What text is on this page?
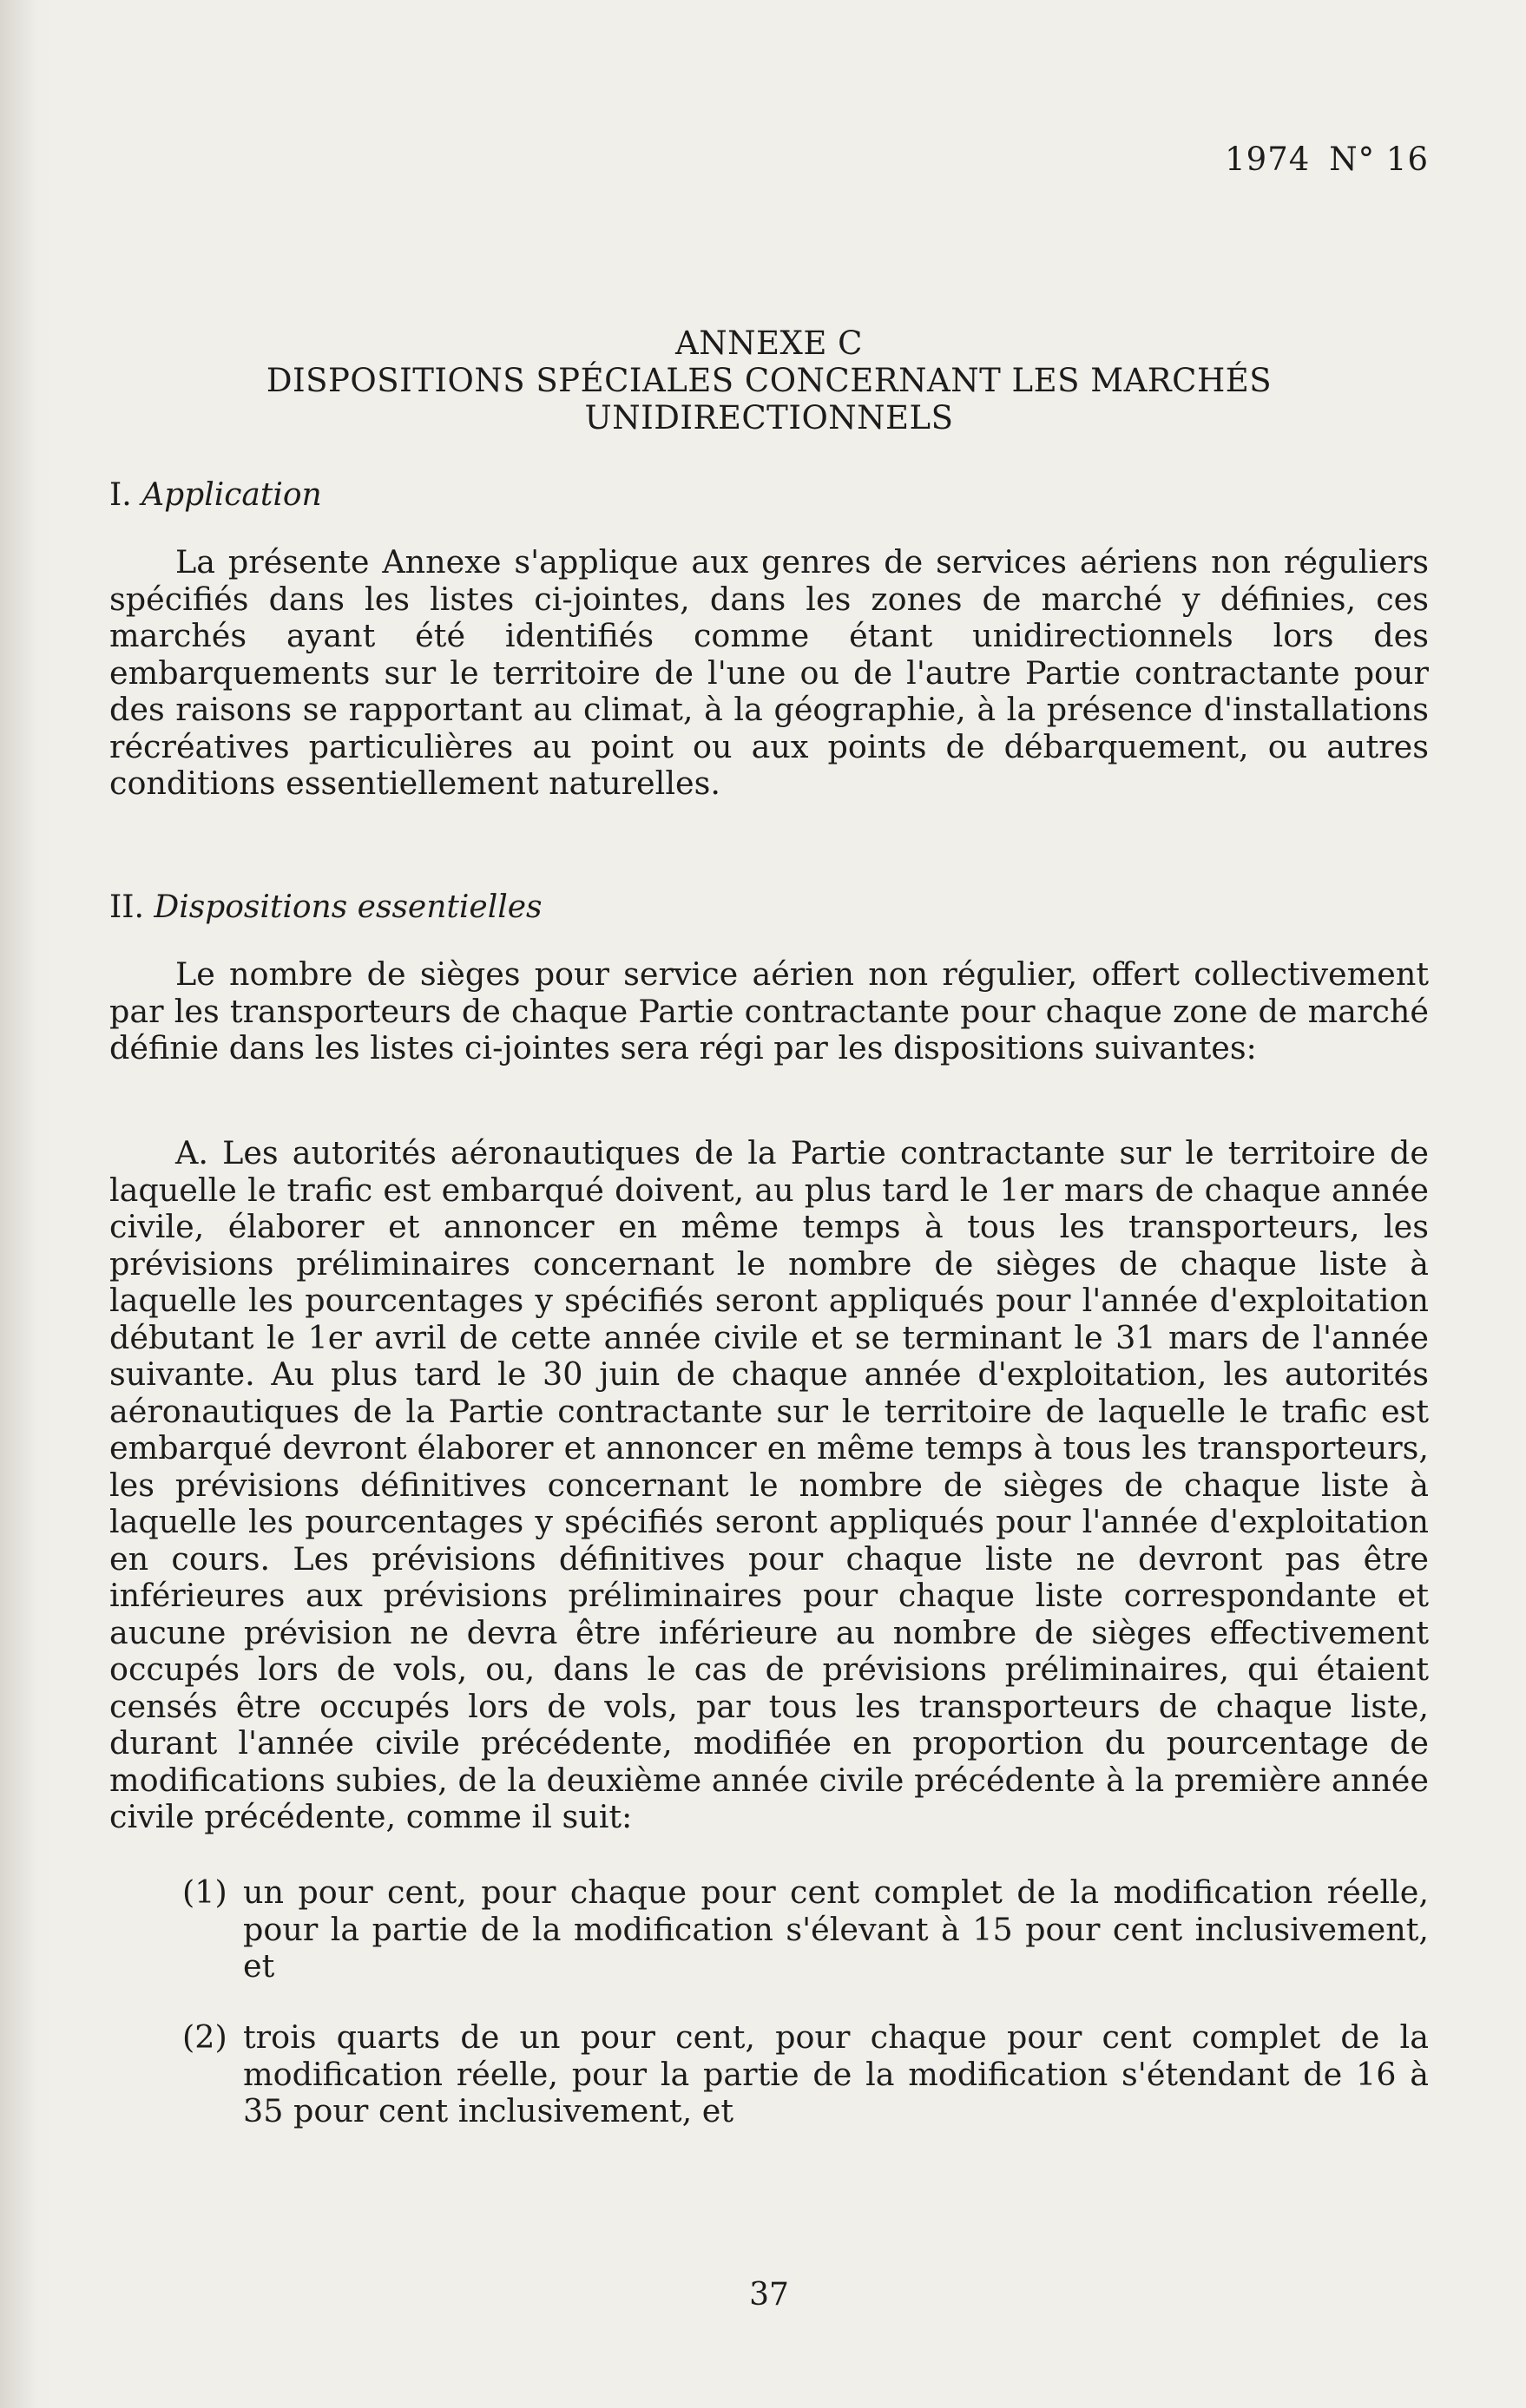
1974 N° 16
ANNEXE C
DISPOSITIONS SPÉCIALES CONCERNANT LES MARCHÉS
UNIDIRECTIONNELS
I. Application

La présente Annexe s'applique aux genres de services aériens non réguliers spécifiés dans les listes ci-jointes, dans les zones de marché y définies, ces marchés ayant été identifiés comme étant unidirectionnels lors des embarquements sur le territoire de l'une ou de l'autre Partie contractante pour des raisons se rapportant au climat, à la géographie, à la présence d'installations récréatives particulières au point ou aux points de débarquement, ou autres conditions essentiellement naturelles.

II. Dispositions essentielles

Le nombre de sièges pour service aérien non régulier, offert collectivement par les transporteurs de chaque Partie contractante pour chaque zone de marché définie dans les listes ci-jointes sera régi par les dispositions suivantes:

A. Les autorités aéronautiques de la Partie contractante sur le territoire de laquelle le trafic est embarqué doivent, au plus tard le 1er mars de chaque année civile, élaborer et annoncer en même temps à tous les transporteurs, les prévisions préliminaires concernant le nombre de sièges de chaque liste à laquelle les pourcentages y spécifiés seront appliqués pour l'année d'exploitation débutant le 1er avril de cette année civile et se terminant le 31 mars de l'année suivante. Au plus tard le 30 juin de chaque année d'exploitation, les autorités aéronautiques de la Partie contractante sur le territoire de laquelle le trafic est embarqué devront élaborer et annoncer en même temps à tous les transporteurs, les prévisions définitives concernant le nombre de sièges de chaque liste à laquelle les pourcentages y spécifiés seront appliqués pour l'année d'exploitation en cours. Les prévisions définitives pour chaque liste ne devront pas être inférieures aux prévisions préliminaires pour chaque liste correspondante et aucune prévision ne devra être inférieure au nombre de sièges effectivement occupés lors de vols, ou, dans le cas de prévisions préliminaires, qui étaient censés être occupés lors de vols, par tous les transporteurs de chaque liste, durant l'année civile précédente, modifiée en proportion du pourcentage de modifications subies, de la deuxième année civile précédente à la première année civile précédente, comme il suit:

(1) un pour cent, pour chaque pour cent complet de la modification réelle, pour la partie de la modification s'élevant à 15 pour cent inclusivement, et
(2) trois quarts de un pour cent, pour chaque pour cent complet de la modification réelle, pour la partie de la modification s'étendant de 16 à 35 pour cent inclusivement, et
37
